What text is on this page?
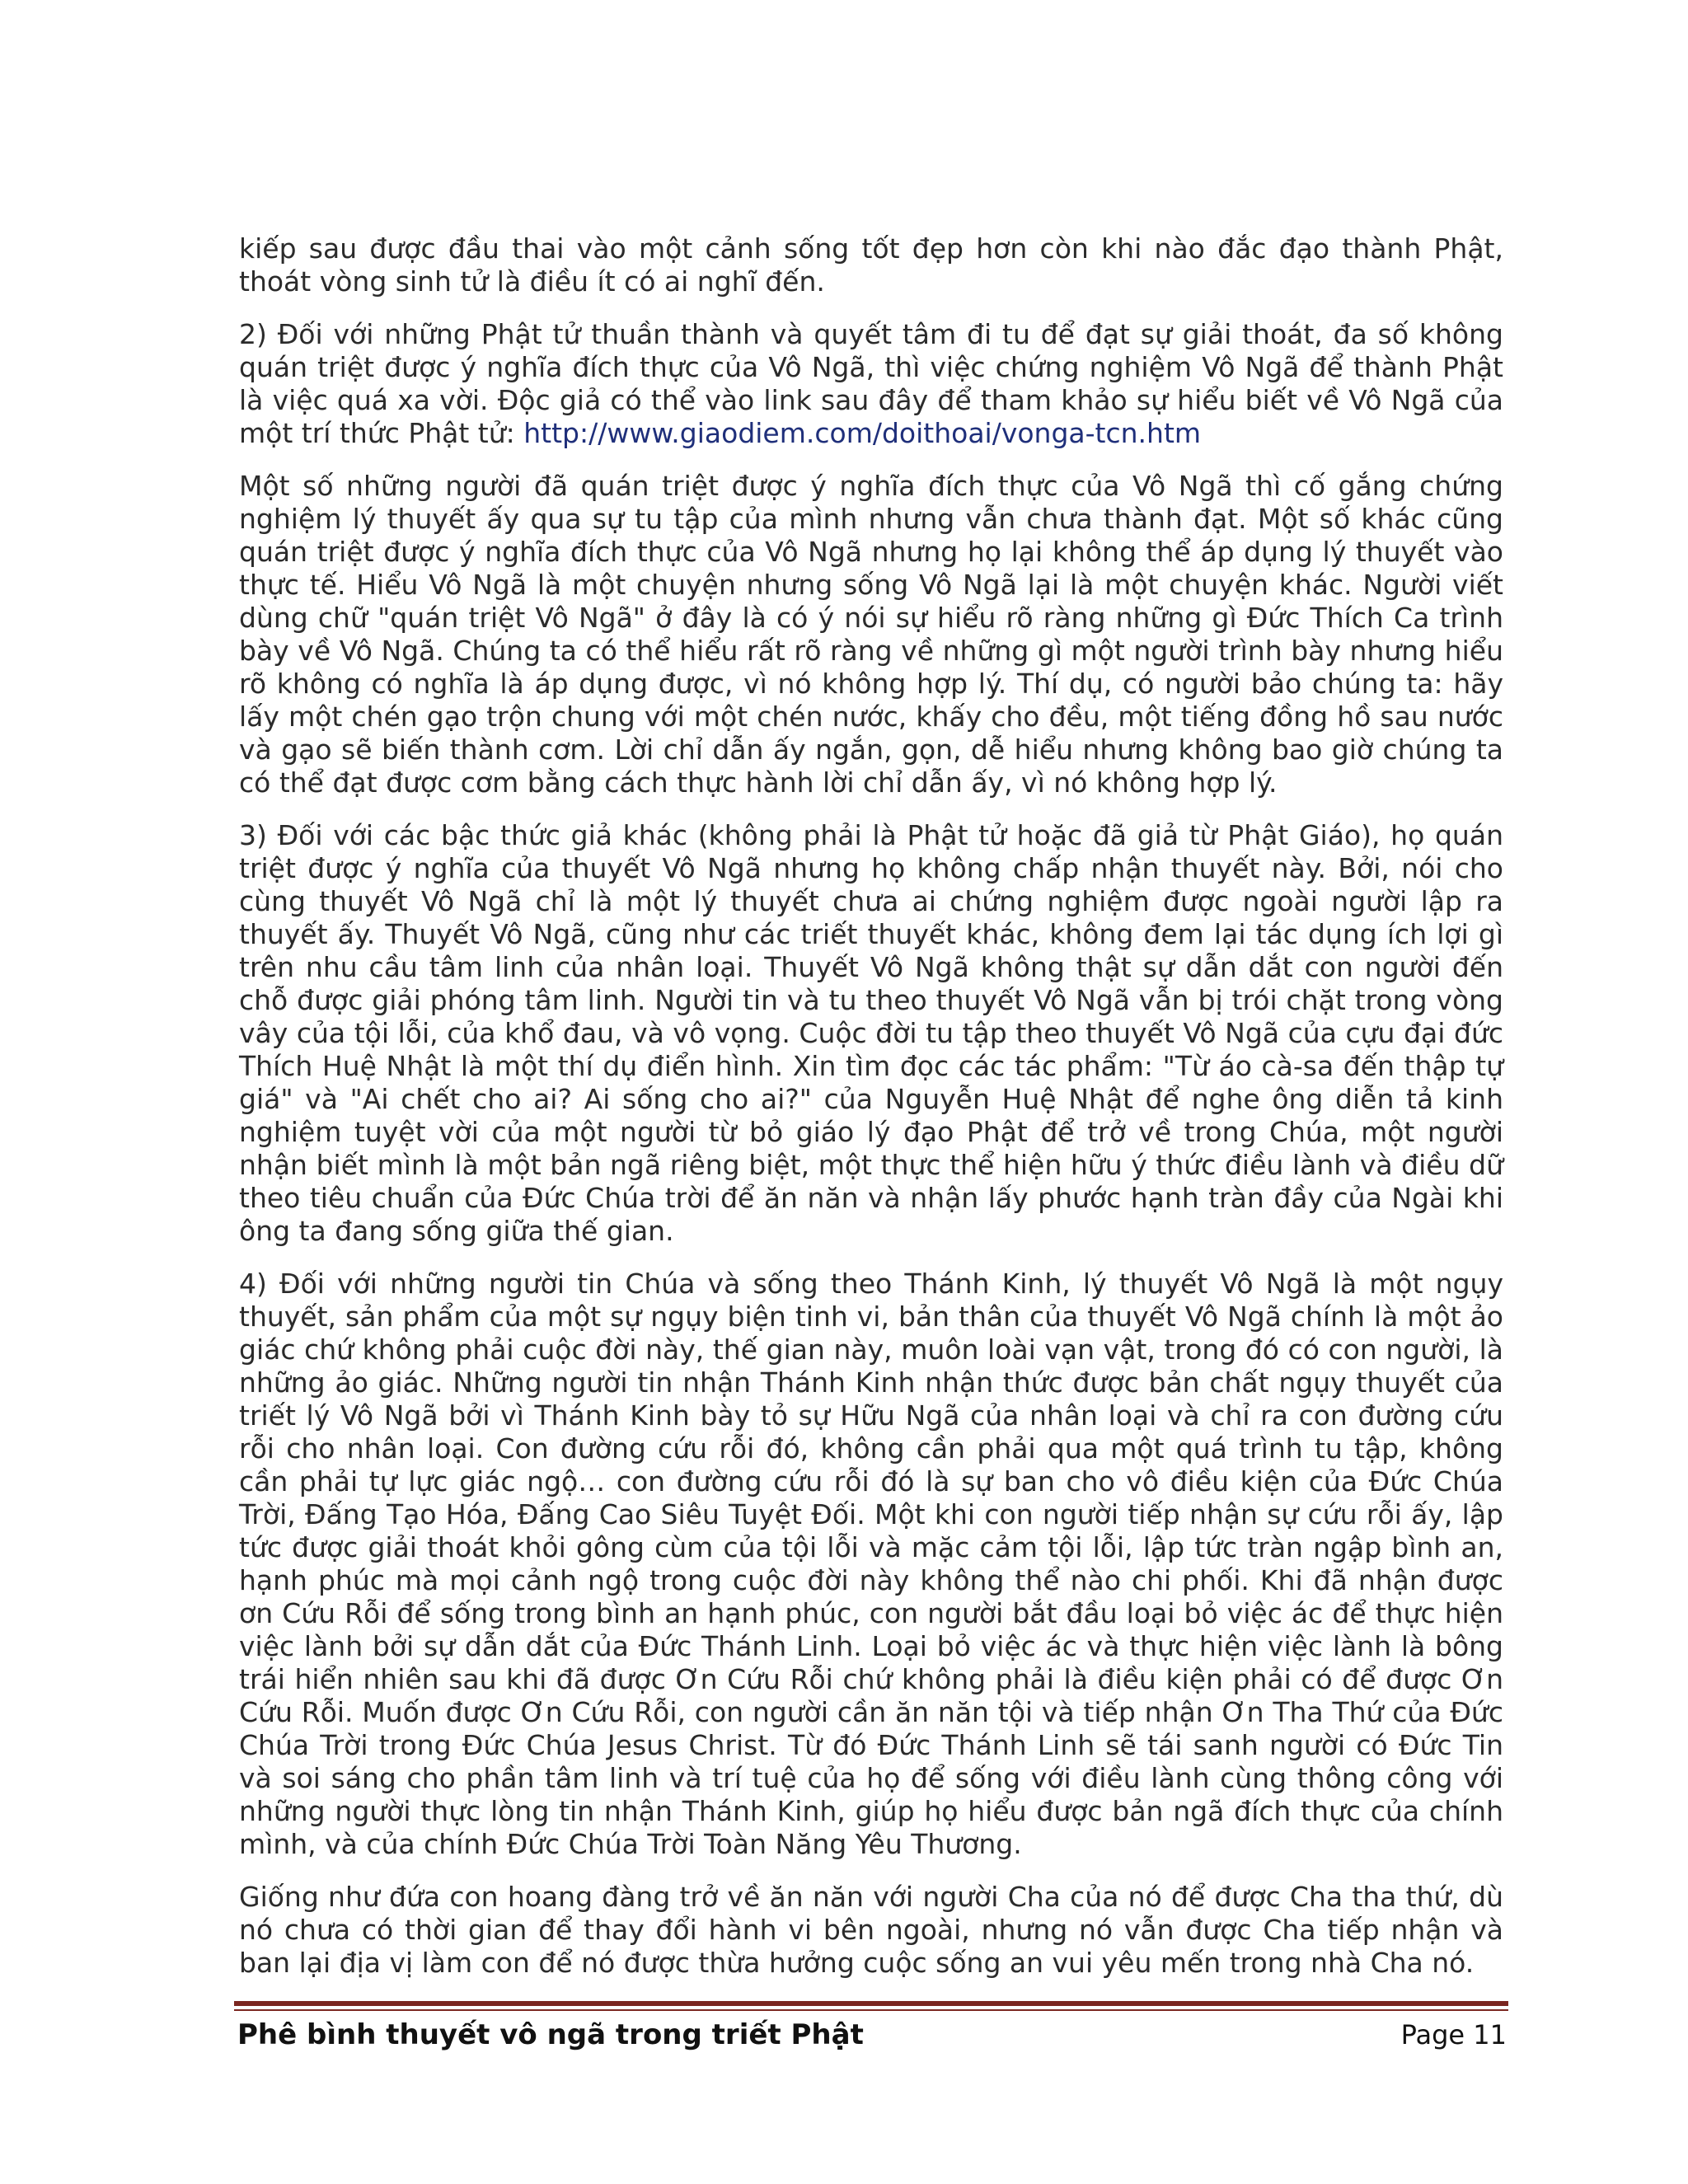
kiếp sau được đầu thai vào một cảnh sống tốt đẹp hơn còn khi nào đắc đạo thành Phật, thoát vòng sinh tử là điều ít có ai nghĩ đến.

2) Đối với những Phật tử thuần thành và quyết tâm đi tu để đạt sự giải thoát, đa số không quán triệt được ý nghĩa đích thực của Vô Ngã, thì việc chứng nghiệm Vô Ngã để thành Phật là việc quá xa vời. Độc giả có thể vào link sau đây để tham khảo sự hiểu biết về Vô Ngã của một trí thức Phật tử: http://www.giaodiem.com/doithoai/vonga-tcn.htm

Một số những người đã quán triệt được ý nghĩa đích thực của Vô Ngã thì cố gắng chứng nghiệm lý thuyết ấy qua sự tu tập của mình nhưng vẫn chưa thành đạt. Một số khác cũng quán triệt được ý nghĩa đích thực của Vô Ngã nhưng họ lại không thể áp dụng lý thuyết vào thực tế. Hiểu Vô Ngã là một chuyện nhưng sống Vô Ngã lại là một chuyện khác. Người viết dùng chữ "quán triệt Vô Ngã" ở đây là có ý nói sự hiểu rõ ràng những gì Đức Thích Ca trình bày về Vô Ngã. Chúng ta có thể hiểu rất rõ ràng về những gì một người trình bày nhưng hiểu rõ không có nghĩa là áp dụng được, vì nó không hợp lý. Thí dụ, có người bảo chúng ta: hãy lấy một chén gạo trộn chung với một chén nước, khấy cho đều, một tiếng đồng hồ sau nước và gạo sẽ biến thành cơm. Lời chỉ dẫn ấy ngắn, gọn, dễ hiểu nhưng không bao giờ chúng ta có thể đạt được cơm bằng cách thực hành lời chỉ dẫn ấy, vì nó không hợp lý.

3) Đối với các bậc thức giả khác (không phải là Phật tử hoặc đã giả từ Phật Giáo), họ quán triệt được ý nghĩa của thuyết Vô Ngã nhưng họ không chấp nhận thuyết này. Bởi, nói cho cùng thuyết Vô Ngã chỉ là một lý thuyết chưa ai chứng nghiệm được ngoài người lập ra thuyết ấy. Thuyết Vô Ngã, cũng như các triết thuyết khác, không đem lại tác dụng ích lợi gì trên nhu cầu tâm linh của nhân loại. Thuyết Vô Ngã không thật sự dẫn dắt con người đến chỗ được giải phóng tâm linh. Người tin và tu theo thuyết Vô Ngã vẫn bị trói chặt trong vòng vây của tội lỗi, của khổ đau, và vô vọng. Cuộc đời tu tập theo thuyết Vô Ngã của cựu đại đức Thích Huệ Nhật là một thí dụ điển hình. Xin tìm đọc các tác phẩm: "Từ áo cà-sa đến thập tự giá" và "Ai chết cho ai? Ai sống cho ai?" của Nguyễn Huệ Nhật để nghe ông diễn tả kinh nghiệm tuyệt vời của một người từ bỏ giáo lý đạo Phật để trở về trong Chúa, một người nhận biết mình là một bản ngã riêng biệt, một thực thể hiện hữu ý thức điều lành và điều dữ theo tiêu chuẩn của Đức Chúa trời để ăn năn và nhận lấy phước hạnh tràn đầy của Ngài khi ông ta đang sống giữa thế gian.

4) Đối với những người tin Chúa và sống theo Thánh Kinh, lý thuyết Vô Ngã là một ngụy thuyết, sản phẩm của một sự ngụy biện tinh vi, bản thân của thuyết Vô Ngã chính là một ảo giác chứ không phải cuộc đời này, thế gian này, muôn loài vạn vật, trong đó có con người, là những ảo giác. Những người tin nhận Thánh Kinh nhận thức được bản chất ngụy thuyết của triết lý Vô Ngã bởi vì Thánh Kinh bày tỏ sự Hữu Ngã của nhân loại và chỉ ra con đường cứu rỗi cho nhân loại. Con đường cứu rỗi đó, không cần phải qua một quá trình tu tập, không cần phải tự lực giác ngộ… con đường cứu rỗi đó là sự ban cho vô điều kiện của Đức Chúa Trời, Đấng Tạo Hóa, Đấng Cao Siêu Tuyệt Đối. Một khi con người tiếp nhận sự cứu rỗi ấy, lập tức được giải thoát khỏi gông cùm của tội lỗi và mặc cảm tội lỗi, lập tức tràn ngập bình an, hạnh phúc mà mọi cảnh ngộ trong cuộc đời này không thể nào chi phối. Khi đã nhận được ơn Cứu Rỗi để sống trong bình an hạnh phúc, con người bắt đầu loại bỏ việc ác để thực hiện việc lành bởi sự dẫn dắt của Đức Thánh Linh. Loại bỏ việc ác và thực hiện việc lành là bông trái hiển nhiên sau khi đã được Ơn Cứu Rỗi chứ không phải là điều kiện phải có để được Ơn Cứu Rỗi. Muốn được Ơn Cứu Rỗi, con người cần ăn năn tội và tiếp nhận Ơn Tha Thứ của Đức Chúa Trời trong Đức Chúa Jesus Christ. Từ đó Đức Thánh Linh sẽ tái sanh người có Đức Tin và soi sáng cho phần tâm linh và trí tuệ của họ để sống với điều lành cùng thông công với những người thực lòng tin nhận Thánh Kinh, giúp họ hiểu được bản ngã đích thực của chính mình, và của chính Đức Chúa Trời Toàn Năng Yêu Thương.

Giống như đứa con hoang đàng trở về ăn năn với người Cha của nó để được Cha tha thứ, dù nó chưa có thời gian để thay đổi hành vi bên ngoài, nhưng nó vẫn được Cha tiếp nhận và ban lại địa vị làm con để nó được thừa hưởng cuộc sống an vui yêu mến trong nhà Cha nó.

Phê bình thuyết vô ngã trong triết Phật	Page 11
